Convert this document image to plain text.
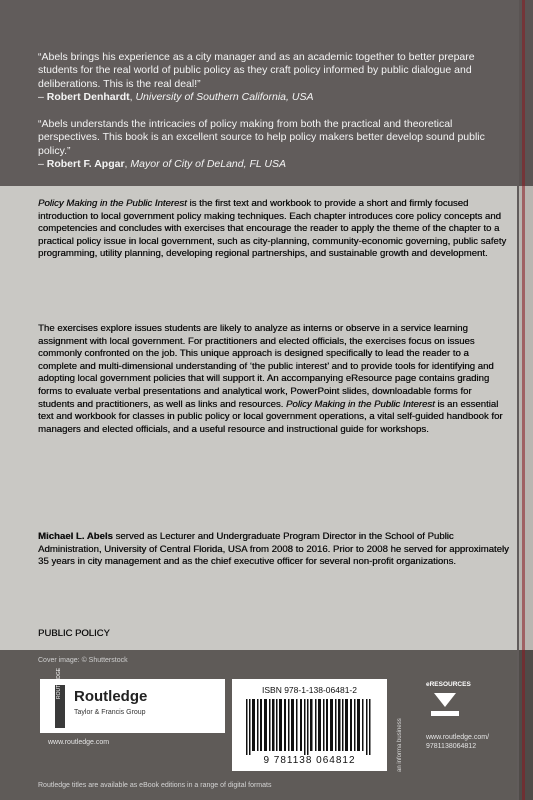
“Abels brings his experience as a city manager and as an academic together to better prepare students for the real world of public policy as they craft policy informed by public dialogue and deliberations. This is the real deal!”
– Robert Denhardt, University of Southern California, USA
“Abels understands the intricacies of policy making from both the practical and theoretical perspectives. This book is an excellent source to help policy makers better develop sound public policy.”
– Robert F. Apgar, Mayor of City of DeLand, FL USA
Policy Making in the Public Interest is the first text and workbook to provide a short and firmly focused introduction to local government policy making techniques. Each chapter introduces core policy concepts and competencies and concludes with exercises that encourage the reader to apply the theme of the chapter to a practical policy issue in local government, such as city-planning, community-economic governing, public safety programming, utility planning, developing regional partnerships, and sustainable growth and development.
The exercises explore issues students are likely to analyze as interns or observe in a service learning assignment with local government. For practitioners and elected officials, the exercises focus on issues commonly confronted on the job. This unique approach is designed specifically to lead the reader to a complete and multi-dimensional understanding of ‘the public interest’ and to provide tools for identifying and adopting local government policies that will support it. An accompanying eResource page contains grading forms to evaluate verbal presentations and analytical work, PowerPoint slides, downloadable forms for students and practitioners, as well as links and resources. Policy Making in the Public Interest is an essential text and workbook for classes in public policy or local government operations, a vital self-guided handbook for managers and elected officials, and a useful resource and instructional guide for workshops.
Michael L. Abels served as Lecturer and Undergraduate Program Director in the School of Public Administration, University of Central Florida, USA from 2008 to 2016. Prior to 2008 he served for approximately 35 years in city management and as the chief executive officer for several non-profit organizations.
PUBLIC POLICY
Cover image: © Shutterstock
ROUTLEDGE Routledge
Taylor & Francis Group
www.routledge.com
ISBN 978-1-138-06481-2
9 781138 064812	an informa business
eRESOURCES
www.routledge.com/
9781138064812
Routledge titles are available as eBook editions in a range of digital formats
